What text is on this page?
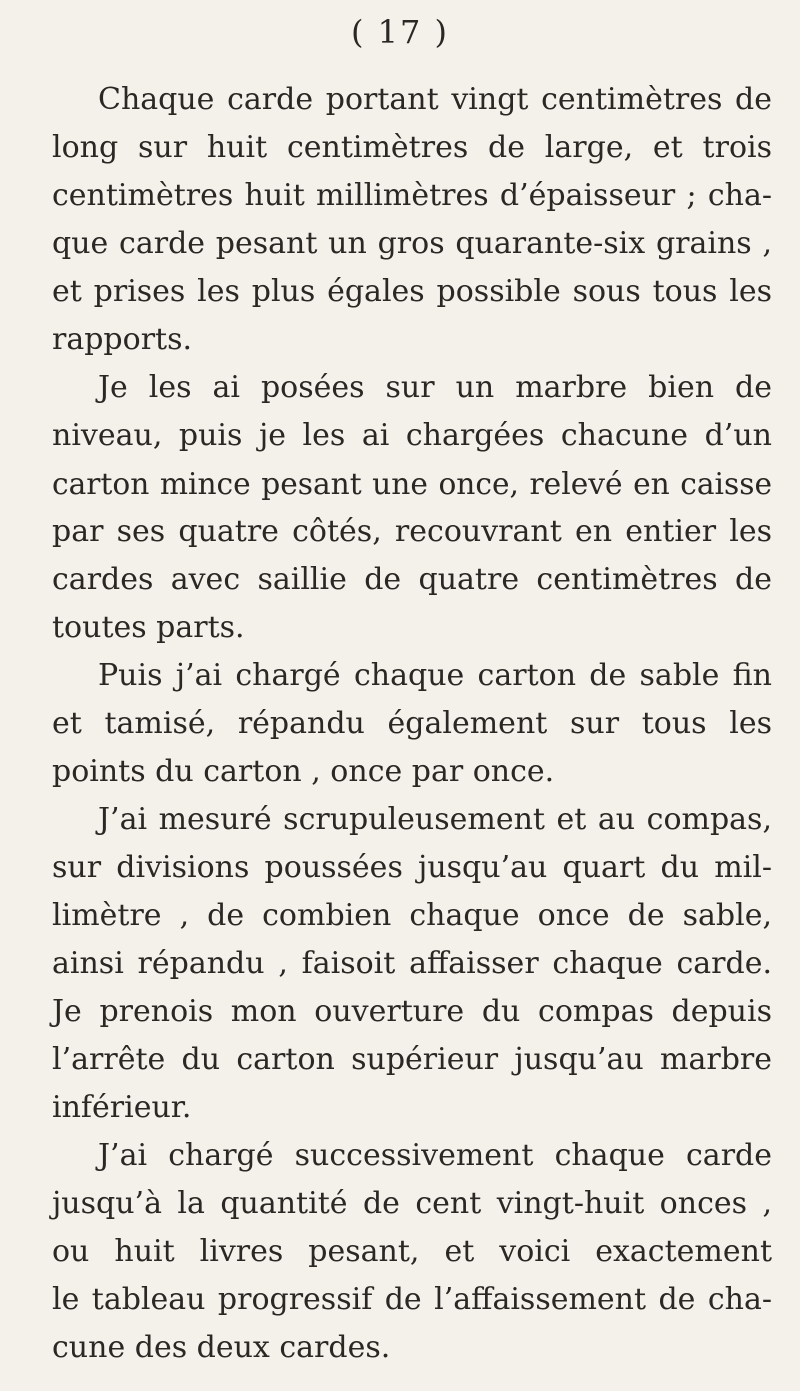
( 17 )
Chaque carde portant vingt centimètres de
long sur huit centimètres de large, et trois
centimètres huit millimètres d’épaisseur ; cha-
que carde pesant un gros quarante-six grains ,
et prises les plus égales possible sous tous les
rapports.
Je les ai posées sur un marbre bien de
niveau, puis je les ai chargées chacune d’un
carton mince pesant une once, relevé en caisse
par ses quatre côtés, recouvrant en entier les
cardes avec saillie de quatre centimètres de
toutes parts.
Puis j’ai chargé chaque carton de sable fin
et tamisé, répandu également sur tous les
points du carton , once par once.
J’ai mesuré scrupuleusement et au compas,
sur divisions poussées jusqu’au quart du mil-
limètre , de combien chaque once de sable,
ainsi répandu , faisoit affaisser chaque carde.
Je prenois mon ouverture du compas depuis
l’arrête du carton supérieur jusqu’au marbre
inférieur.
J’ai chargé successivement chaque carde
jusqu’à la quantité de cent vingt-huit onces ,
ou huit livres pesant, et voici exactement
le tableau progressif de l’affaissement de cha-
cune des deux cardes.
